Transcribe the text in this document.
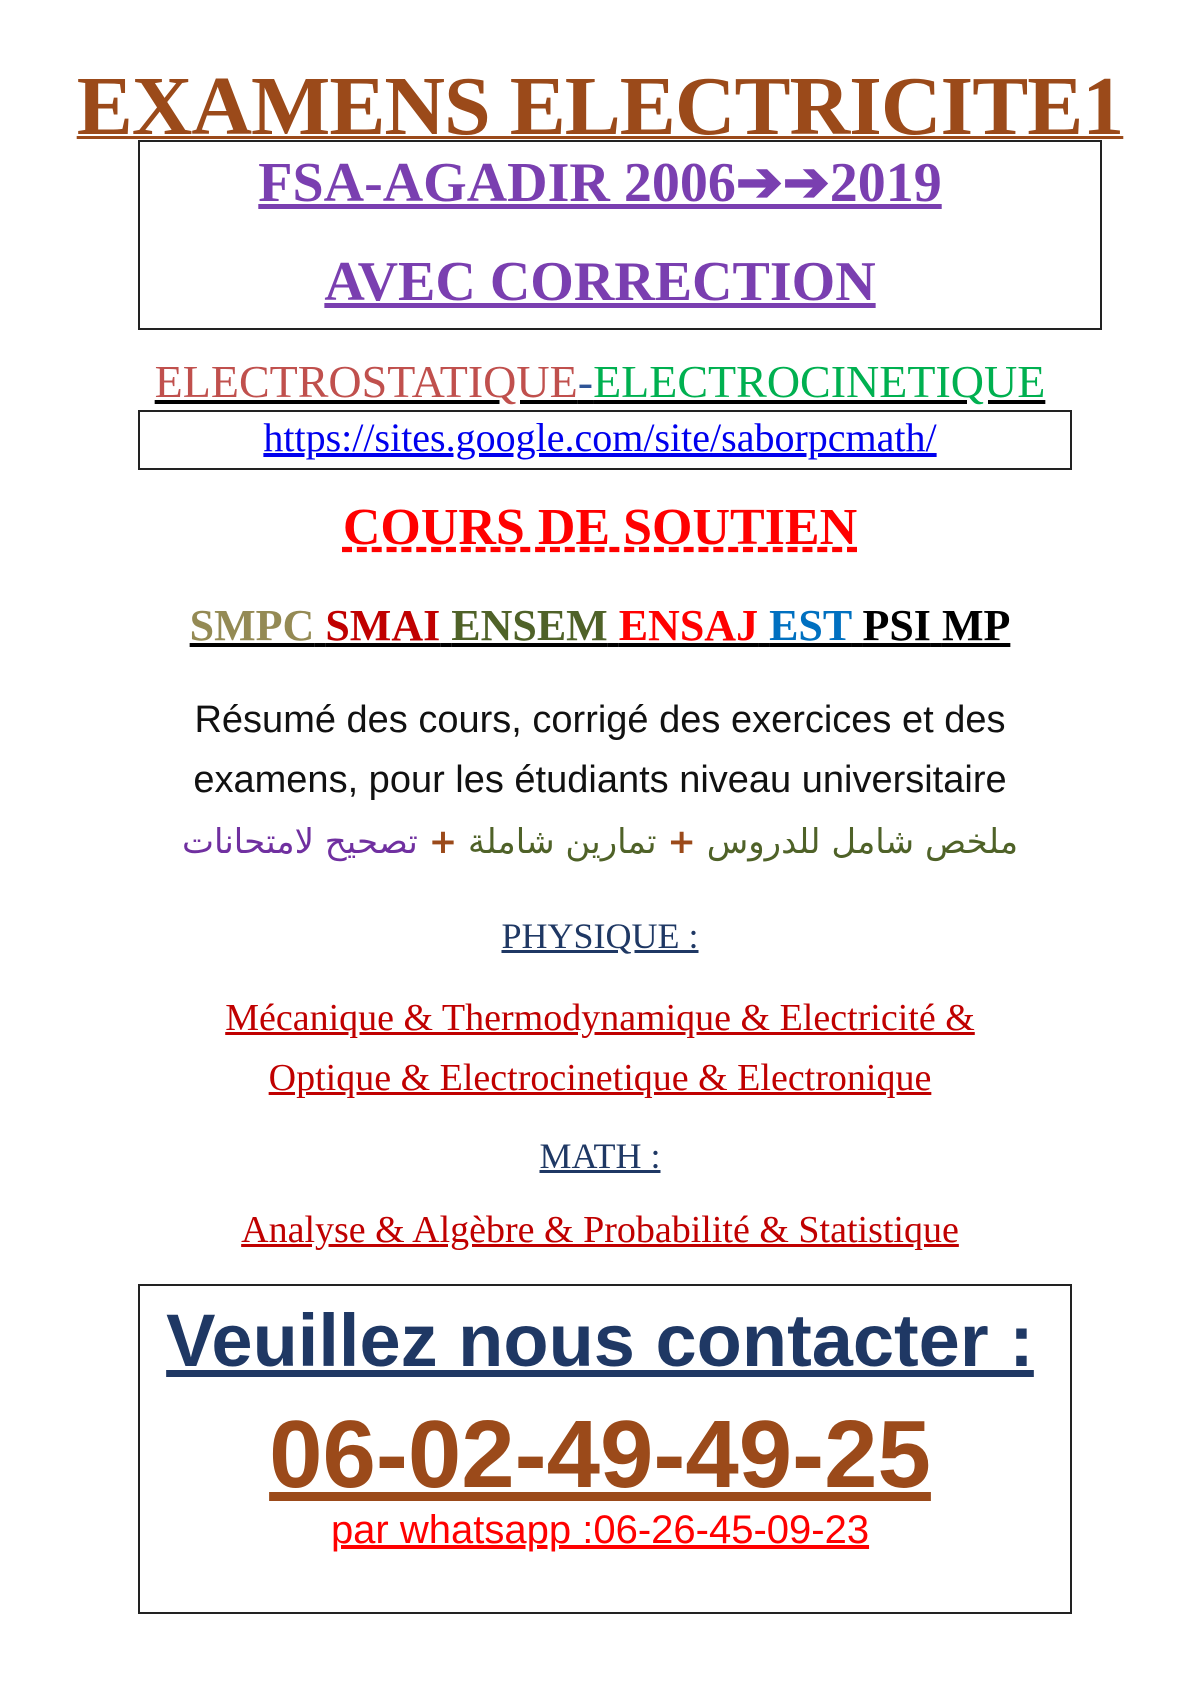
EXAMENS ELECTRICITE1
FSA-AGADIR 2006➔➔2019
AVEC CORRECTION
ELECTROSTATIQUE-ELECTROCINETIQUE
https://sites.google.com/site/saborpcmath/
COURS DE SOUTIEN
SMPC SMAI ENSEM ENSAJ EST PSI MP
Résumé des cours, corrigé des exercices et des
examens, pour les étudiants niveau universitaire
ملخص شامل للدروس + تمارين شاملة + تصحيح لامتحانات
PHYSIQUE :
Mécanique & Thermodynamique & Electricité &
Optique & Electrocinetique & Electronique
MATH :
Analyse & Algèbre & Probabilité & Statistique
Veuillez nous contacter :
06-02-49-49-25
par whatsapp :06-26-45-09-23
